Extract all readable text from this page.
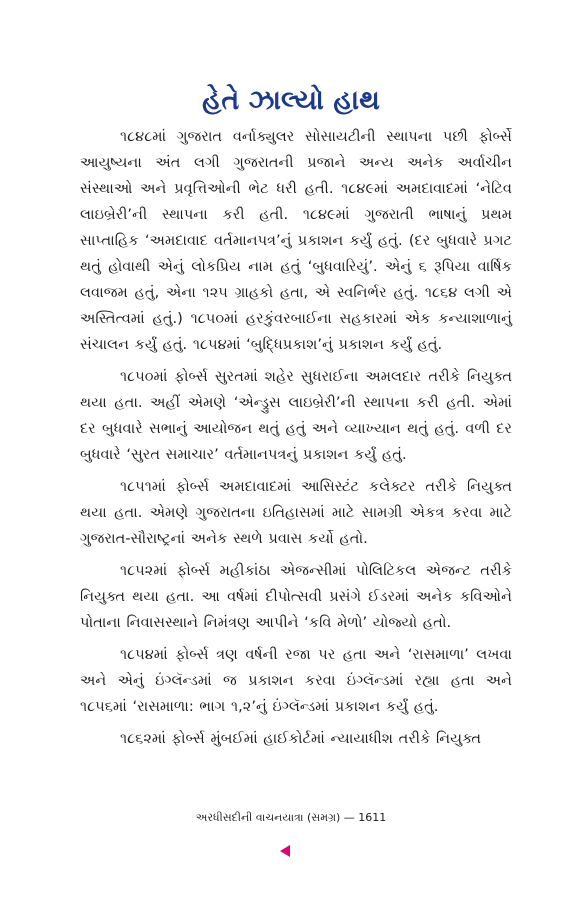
હેતે ઝાલ્યો હાથ

૧૮૪૮માં ગુજરાત વર્નાક્યુલર સોસાયટીની સ્થાપના પછી ફોર્બ્સે આયુષ્યના અંત લગી ગુજરાતની પ્રજાને અન્ય અનેક અર્વાચીન સંસ્થાઓ અને પ્રવૃત્તિઓની ભેટ ધરી હતી. ૧૮૪૯માં અમદાવાદમાં ‘નેટિવ લાઇબ્રેરી’ની સ્થાપના કરી હતી. ૧૮૪૯માં ગુજરાતી ભાષાનું પ્રથમ સાપ્તાહિક ‘અમદાવાદ વર્તમાનપત્ર’નું પ્રકાશન કર્યું હતું. (દર બુધવારે પ્રગટ થતું હોવાથી એનું લોકપ્રિય નામ હતું ‘બુધવારિયું’. એનું ૬ રૂપિયા વાર્ષિક લવાજમ હતું, એના ૧૨૫ ગ્રાહકો હતા, એ સ્વનિર્ભર હતું. ૧૮૬૪ લગી એ અસ્તિત્વમાં હતું.) ૧૮૫૦માં હરકુંવરબાઈના સહકારમાં એક કન્યાશાળાનું સંચાલન કર્યું હતું. ૧૮૫૪માં ‘બુદ્ધિપ્રકાશ’નું પ્રકાશન કર્યું હતું.

૧૮૫૦માં ફોર્બ્સ સુરતમાં શહેર સુધરાઈના અમલદાર તરીકે નિયુક્ત થયા હતા. અહીં એમણે ‘એન્ડ્રુસ લાઇબ્રેરી’ની સ્થાપના કરી હતી. એમાં દર બુધવારે સભાનું આયોજન થતું હતું અને વ્યાખ્યાન થતું હતું. વળી દર બુધવારે ‘સુરત સમાચાર’ વર્તમાનપત્રનું પ્રકાશન કર્યું હતું.

૧૮૫૧માં ફોર્બ્સ અમદાવાદમાં આસિસ્ટંટ કલેક્ટર તરીકે નિયુક્ત થયા હતા. એમણે ગુજરાતના ઇતિહાસમાં માટે સામગ્રી એકત્ર કરવા માટે ગુજરાત-સૌરાષ્ટ્રનાં અનેક સ્થળે પ્રવાસ કર્યો હતો.

૧૮૫૨માં ફોર્બ્સ મહીકાંઠા એજન્સીમાં પોલિટિકલ એજન્ટ તરીકે નિયુક્ત થયા હતા. આ વર્ષમાં દીપોત્સવી પ્રસંગે ઈડરમાં અનેક કવિઓને પોતાના નિવાસસ્થાને નિમંત્રણ આપીને ‘કવિ મેળો’ યોજ્યો હતો.

૧૮૫૪માં ફોર્બ્સ ત્રણ વર્ષની રજા પર હતા અને ‘રાસમાળા’ લખવા અને એનું ઇંગ્લૅન્ડમાં જ પ્રકાશન કરવા ઇંગ્લૅન્ડમાં રહ્યા હતા અને ૧૮૫૬માં ‘રાસમાળા: ભાગ ૧,૨’નું ઇંગ્લૅન્ડમાં પ્રકાશન કર્યું હતું.

૧૮૬૨માં ફોર્બ્સ મુંબઈમાં હાઈકોર્ટમાં ન્યાયાધીશ તરીકે નિયુક્ત

અરધીસદીની વાચનયાત્રા (સમગ્ર) — 1611
